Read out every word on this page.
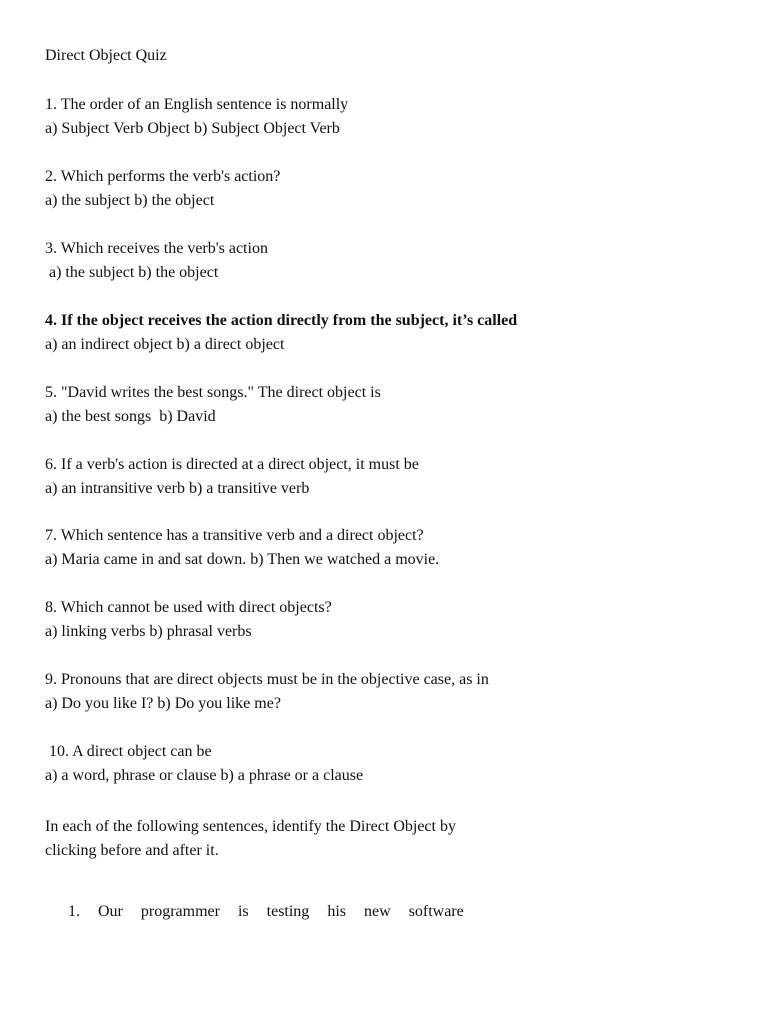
Direct Object Quiz
1. The order of an English sentence is normally
a) Subject Verb Object b) Subject Object Verb
2. Which performs the verb's action?
a) the subject b) the object
3. Which receives the verb's action
a) the subject b) the object
4. If the object receives the action directly from the subject, it’s called
a) an indirect object b) a direct object
5. "David writes the best songs." The direct object is
a) the best songs  b) David
6. If a verb's action is directed at a direct object, it must be
a) an intransitive verb b) a transitive verb
7. Which sentence has a transitive verb and a direct object?
a) Maria came in and sat down. b) Then we watched a movie.
8. Which cannot be used with direct objects?
a) linking verbs b) phrasal verbs
9. Pronouns that are direct objects must be in the objective case, as in
a) Do you like I? b) Do you like me?
10. A direct object can be
a) a word, phrase or clause b) a phrase or a clause
In each of the following sentences, identify the Direct Object by
clicking before and after it.
1. Our programmer is testing his new software
